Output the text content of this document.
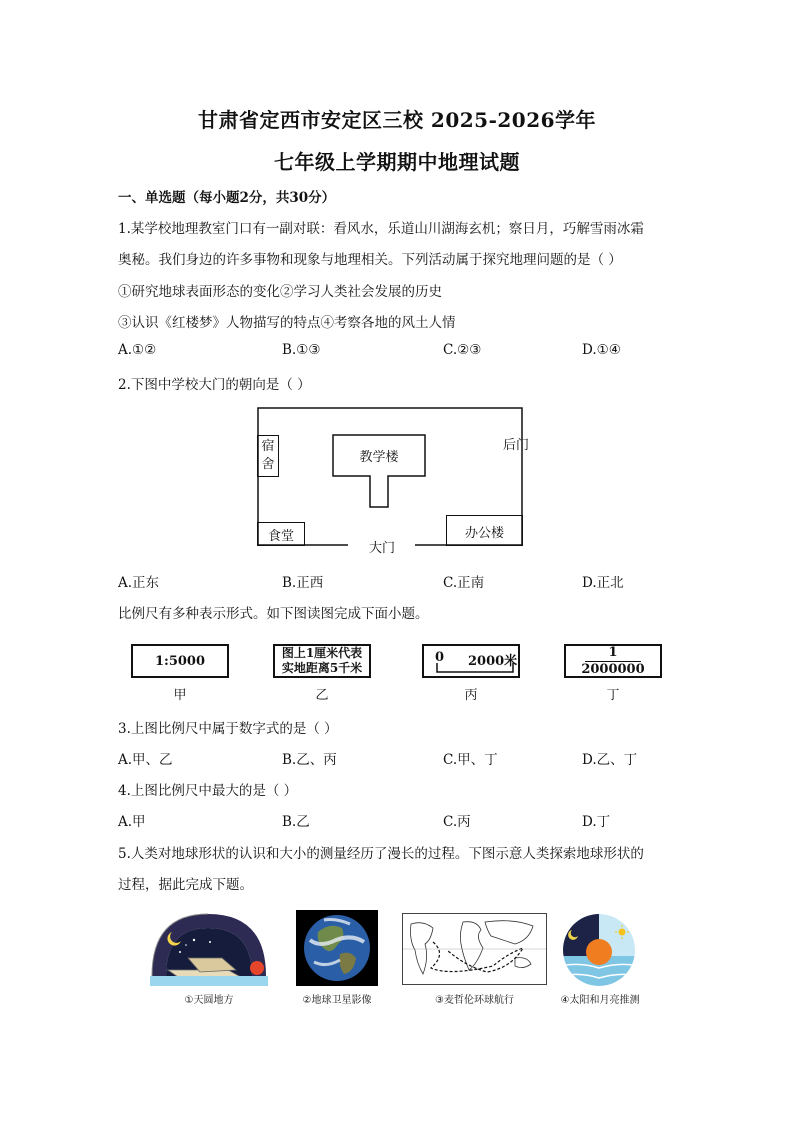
甘肃省定西市安定区三校 2025-2026学年
七年级上学期期中地理试题
一、单选题（每小题2分，共30分）
1.某学校地理教室门口有一副对联：看风水，乐道山川湖海玄机；察日月，巧解雪雨冰霜
奥秘。我们身边的许多事物和现象与地理相关。下列活动属于探究地理问题的是（ ）
①研究地球表面形态的变化②学习人类社会发展的历史
③认识《红楼梦》人物描写的特点④考察各地的风土人情
A.①②	B.①③	C.②③	D.①④
2.下图中学校大门的朝向是（ ）
宿
舍	教学楼
后门
食堂
大门
办公楼
A.正东	B.正西	C.正南	D.正北
比例尺有多种表示形式。如下图读图完成下面小题。
1:5000
甲
图上1厘米代表
实地距离5千米
乙
0 2000米
丙
1
2000000
丁
3.上图比例尺中属于数字式的是（ ）
A.甲、乙	B.乙、丙	C.甲、丁	D.乙、丁
4.上图比例尺中最大的是（ ）
A.甲	B.乙	C.丙	D.丁
5.人类对地球形状的认识和大小的测量经历了漫长的过程。下图示意人类探索地球形状的
过程，据此完成下题。
①天圆地方	②地球卫星影像	③麦哲伦环球航行	④太阳和月亮推测
